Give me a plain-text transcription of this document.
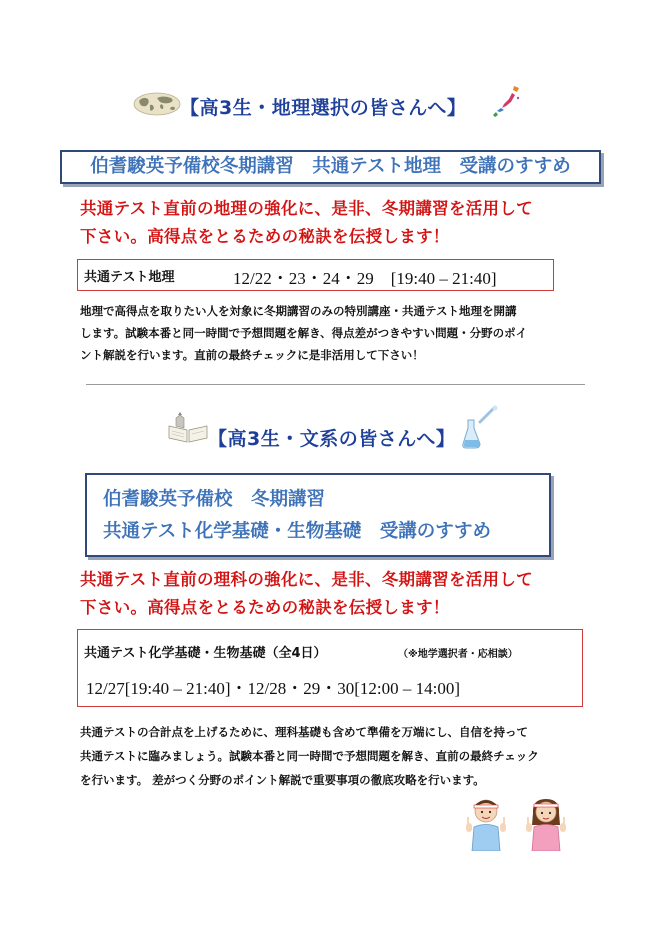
【高3生・地理選択の皆さんへ】
伯耆駿英予備校冬期講習　共通テスト地理　受講のすすめ
共通テスト直前の地理の強化に、是非、冬期講習を活用して
下さい。高得点をとるための秘訣を伝授します！
共通テスト地理	12/22・23・24・29　[19:40 – 21:40]
地理で高得点を取りたい人を対象に冬期講習のみの特別講座・共通テスト地理を開講
します。試験本番と同一時間で予想問題を解き、得点差がつきやすい問題・分野のポイ
ント解説を行います。直前の最終チェックに是非活用して下さい！
【高3生・文系の皆さんへ】
伯耆駿英予備校　冬期講習
共通テスト化学基礎・生物基礎　受講のすすめ
共通テスト直前の理科の強化に、是非、冬期講習を活用して
下さい。高得点をとるための秘訣を伝授します！
共通テスト化学基礎・生物基礎（全4日）	（※地学選択者・応相談）
12/27[19:40 – 21:40]・12/28・29・30[12:00 – 14:00]
共通テストの合計点を上げるために、理科基礎も含めて準備を万端にし、自信を持って
共通テストに臨みましょう。試験本番と同一時間で予想問題を解き、直前の最終チェック
を行います。 差がつく分野のポイント解説で重要事項の徹底攻略を行います。
